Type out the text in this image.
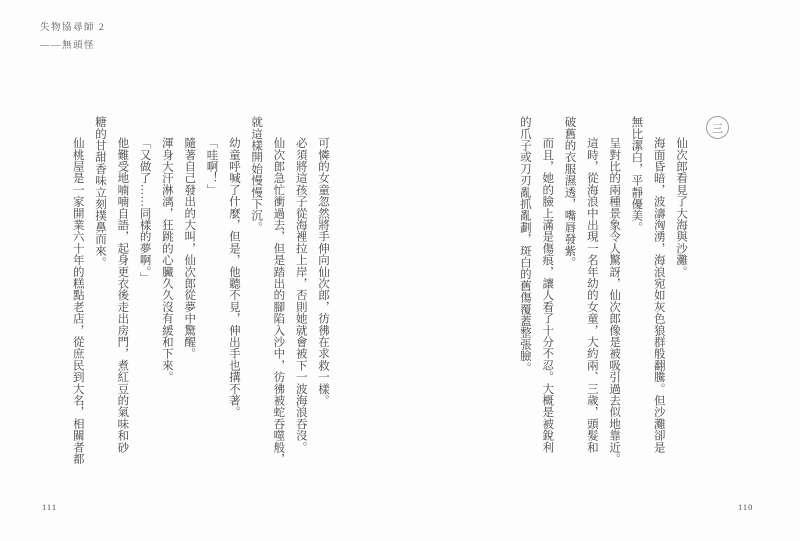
失物協尋師 2
——無頭怪
三

仙次郎看見了大海與沙灘。

海面昏暗，波濤洶湧，海浪宛如灰色狼群般翻騰。但沙灘卻是

無比潔白，平靜優美。

呈對比的兩種景象令人驚訝，仙次郎像是被吸引過去似地靠近。

這時，從海浪中出現一名年幼的女童，大約兩、三歲，頭髮和

破舊的衣服濕透，嘴唇發紫。

而且，她的臉上滿是傷痕，讓人看了十分不忍。大概是被銳利

的爪子或刀刃亂抓亂劃，斑白的舊傷覆蓋整張臉。

可憐的女童忽然將手伸向仙次郎，彷彿在求救一樣。

必須將這孩子從海裡拉上岸，否則她就會被下一波海浪吞沒。

仙次郎急忙衝過去，但是踏出的腳陷入沙中，彷彿被蛇吞噬般，

就這樣開始慢慢下沉。

幼童呼喊了什麼，但是，他聽不見，伸出手也搆不著。

「哇啊！」

隨著自己發出的大叫，仙次郎從夢中驚醒。

渾身大汗淋漓，狂跳的心臟久久沒有緩和下來。

「又做了……同樣的夢啊。」

他難受地喃喃自語，起身更衣後走出房門，煮紅豆的氣味和砂

糖的甘甜香味立刻撲鼻而來。

仙桃屋是一家開業六十年的糕點老店，從庶民到大名，相關者都

111	110
